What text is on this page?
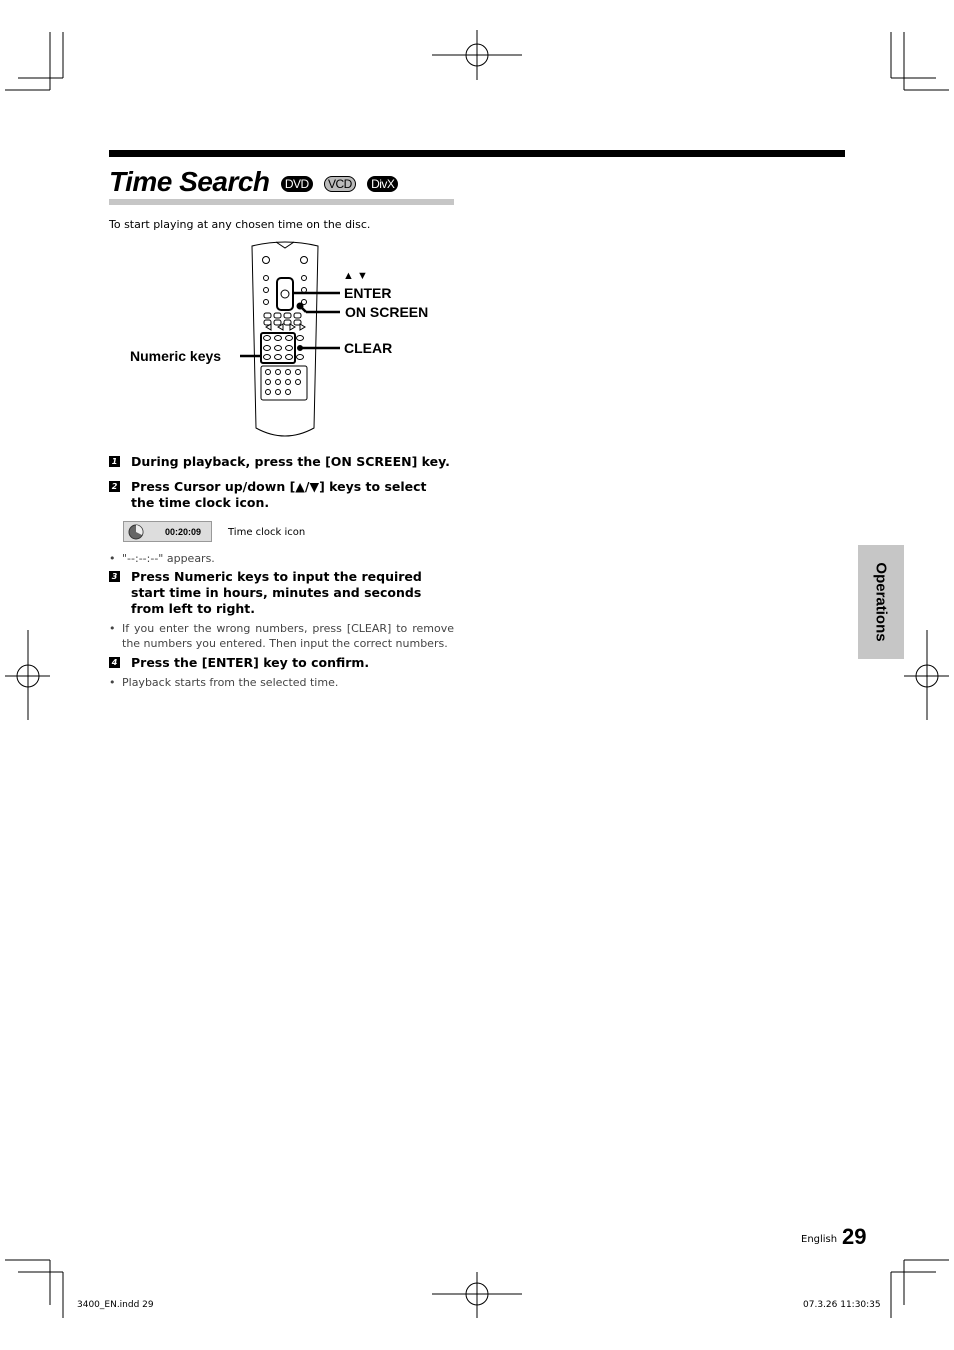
Time Search DVD VCD DivX
To start playing at any chosen time on the disc.
▲ ▼
ENTER
ON SCREEN
CLEAR
Numeric keys
1 During playback, press the [ON SCREEN] key.
2 Press Cursor up/down [▲/▼] keys to select the time clock icon.
00:20:09	Time clock icon
• "--:--:--" appears.
3 Press Numeric keys to input the required start time in hours, minutes and seconds from left to right.
• If you enter the wrong numbers, press [CLEAR] to remove the numbers you entered. Then input the correct numbers.
4 Press the [ENTER] key to confirm.
• Playback starts from the selected time.
Operations
English 29
3400_EN.indd 29	07.3.26 11:30:35
